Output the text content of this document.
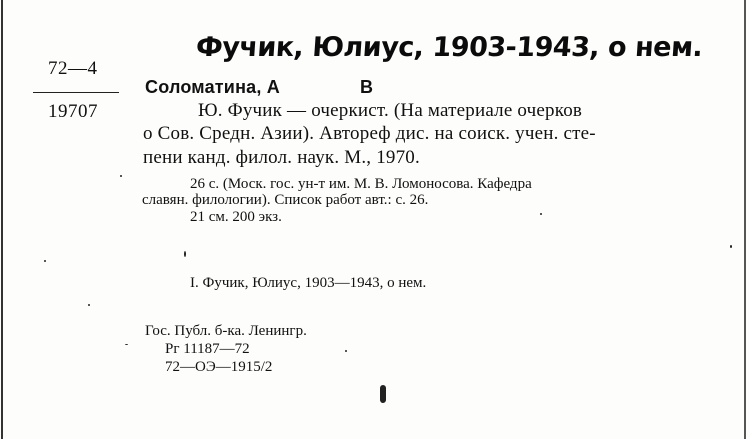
Фучик, Юлиус, 1903-1943, о нем.
72—4
19707
Соломатина, А	В
Ю. Фучик — очеркист. (На материале очерков
о Сов. Средн. Азии). Автореф дис. на соиск. учен. сте-
пени канд. филол. наук. М., 1970.
26 с. (Моск. гос. ун-т им. М. В. Ломоносова. Кафедра
славян. филологии). Список работ авт.: с. 26.
21 см. 200 экз.
I. Фучик, Юлиус, 1903—1943, о нем.
Гос. Публ. б-ка. Ленингр.
Рг 11187—72
72—ОЭ—1915/2
